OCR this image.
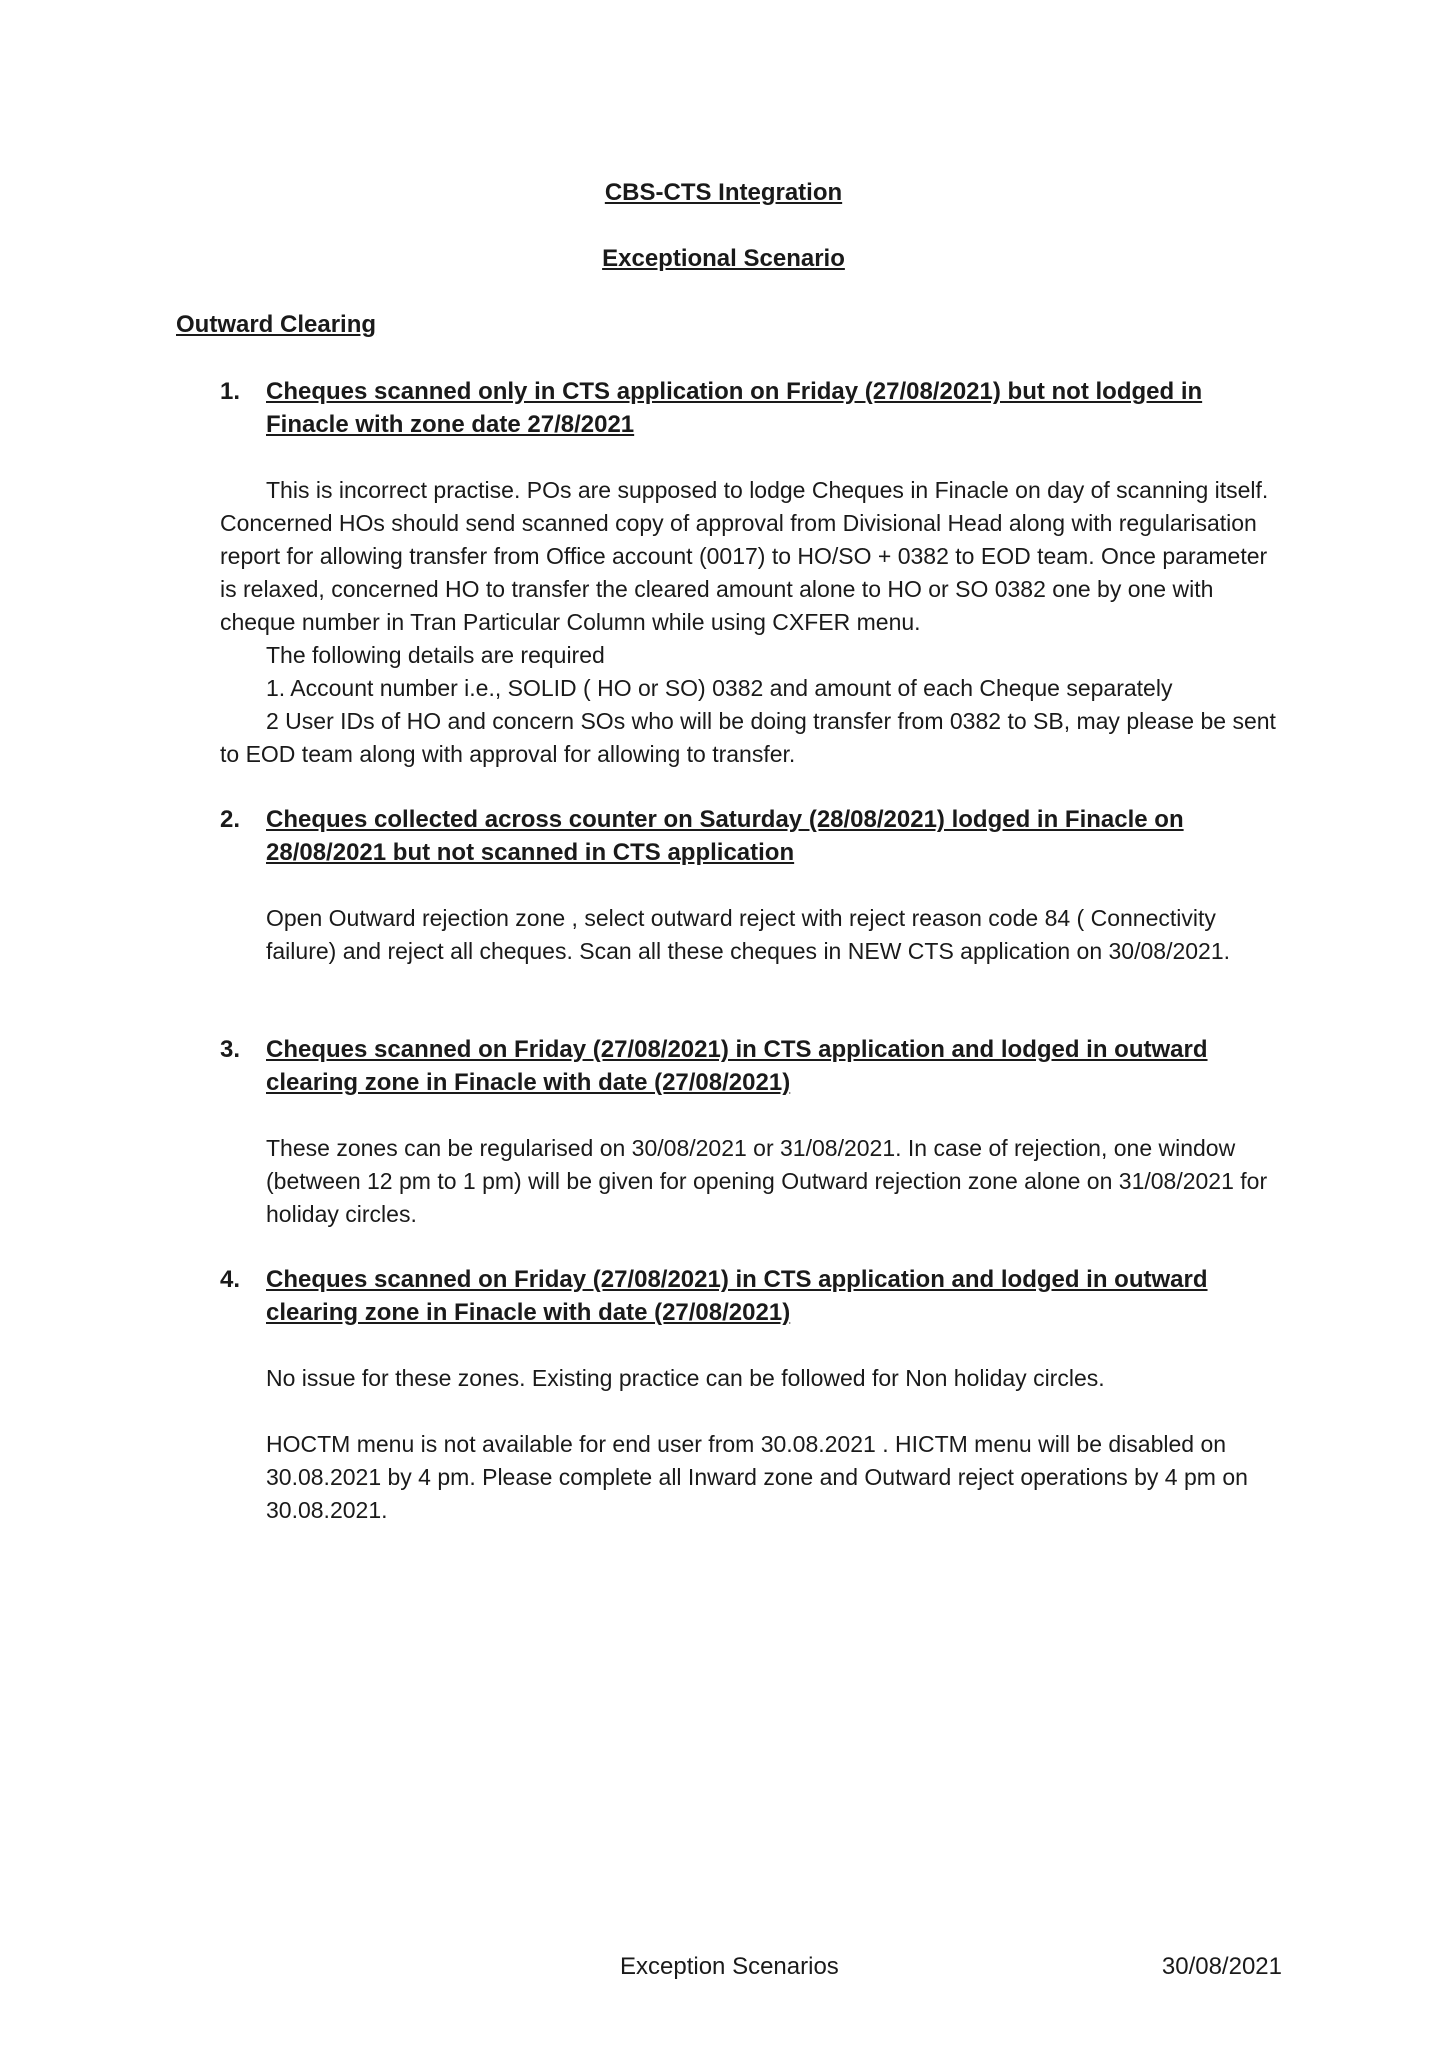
CBS-CTS Integration
Exceptional Scenario
Outward Clearing
1. Cheques scanned only in CTS application on Friday (27/08/2021) but not lodged in Finacle with zone date 27/8/2021
This is incorrect practise. POs are supposed to lodge Cheques in Finacle on day of scanning itself. Concerned HOs should send scanned copy of approval from Divisional Head along with regularisation report for allowing transfer from Office account (0017) to HO/SO + 0382 to EOD team. Once parameter is relaxed, concerned HO to transfer the cleared amount alone to HO or SO 0382 one by one with cheque number in Tran Particular Column while using CXFER menu.
The following details are required
1. Account number i.e., SOLID ( HO or SO) 0382 and amount of each Cheque separately
2 User IDs of HO and concern SOs who will be doing transfer from 0382 to SB, may please be sent to EOD team along with approval for allowing to transfer.
2. Cheques collected across counter on Saturday (28/08/2021) lodged in Finacle on 28/08/2021 but not scanned in CTS application
Open Outward rejection zone , select outward reject with reject reason code 84 ( Connectivity failure) and reject all cheques. Scan all these cheques in NEW CTS application on 30/08/2021.
3. Cheques scanned on Friday (27/08/2021) in CTS application and lodged in outward clearing zone in Finacle with date (27/08/2021)
These zones can be regularised on 30/08/2021 or 31/08/2021. In case of rejection, one window (between 12 pm to 1 pm) will be given for opening Outward rejection zone alone on 31/08/2021 for holiday circles.
4. Cheques scanned on Friday (27/08/2021) in CTS application and lodged in outward clearing zone in Finacle with date (27/08/2021)
No issue for these zones. Existing practice can be followed for Non holiday circles.
HOCTM menu is not available for end user from 30.08.2021 . HICTM menu will be disabled on 30.08.2021 by 4 pm. Please complete all Inward zone and Outward reject operations by 4 pm on 30.08.2021.
Exception Scenarios	30/08/2021
